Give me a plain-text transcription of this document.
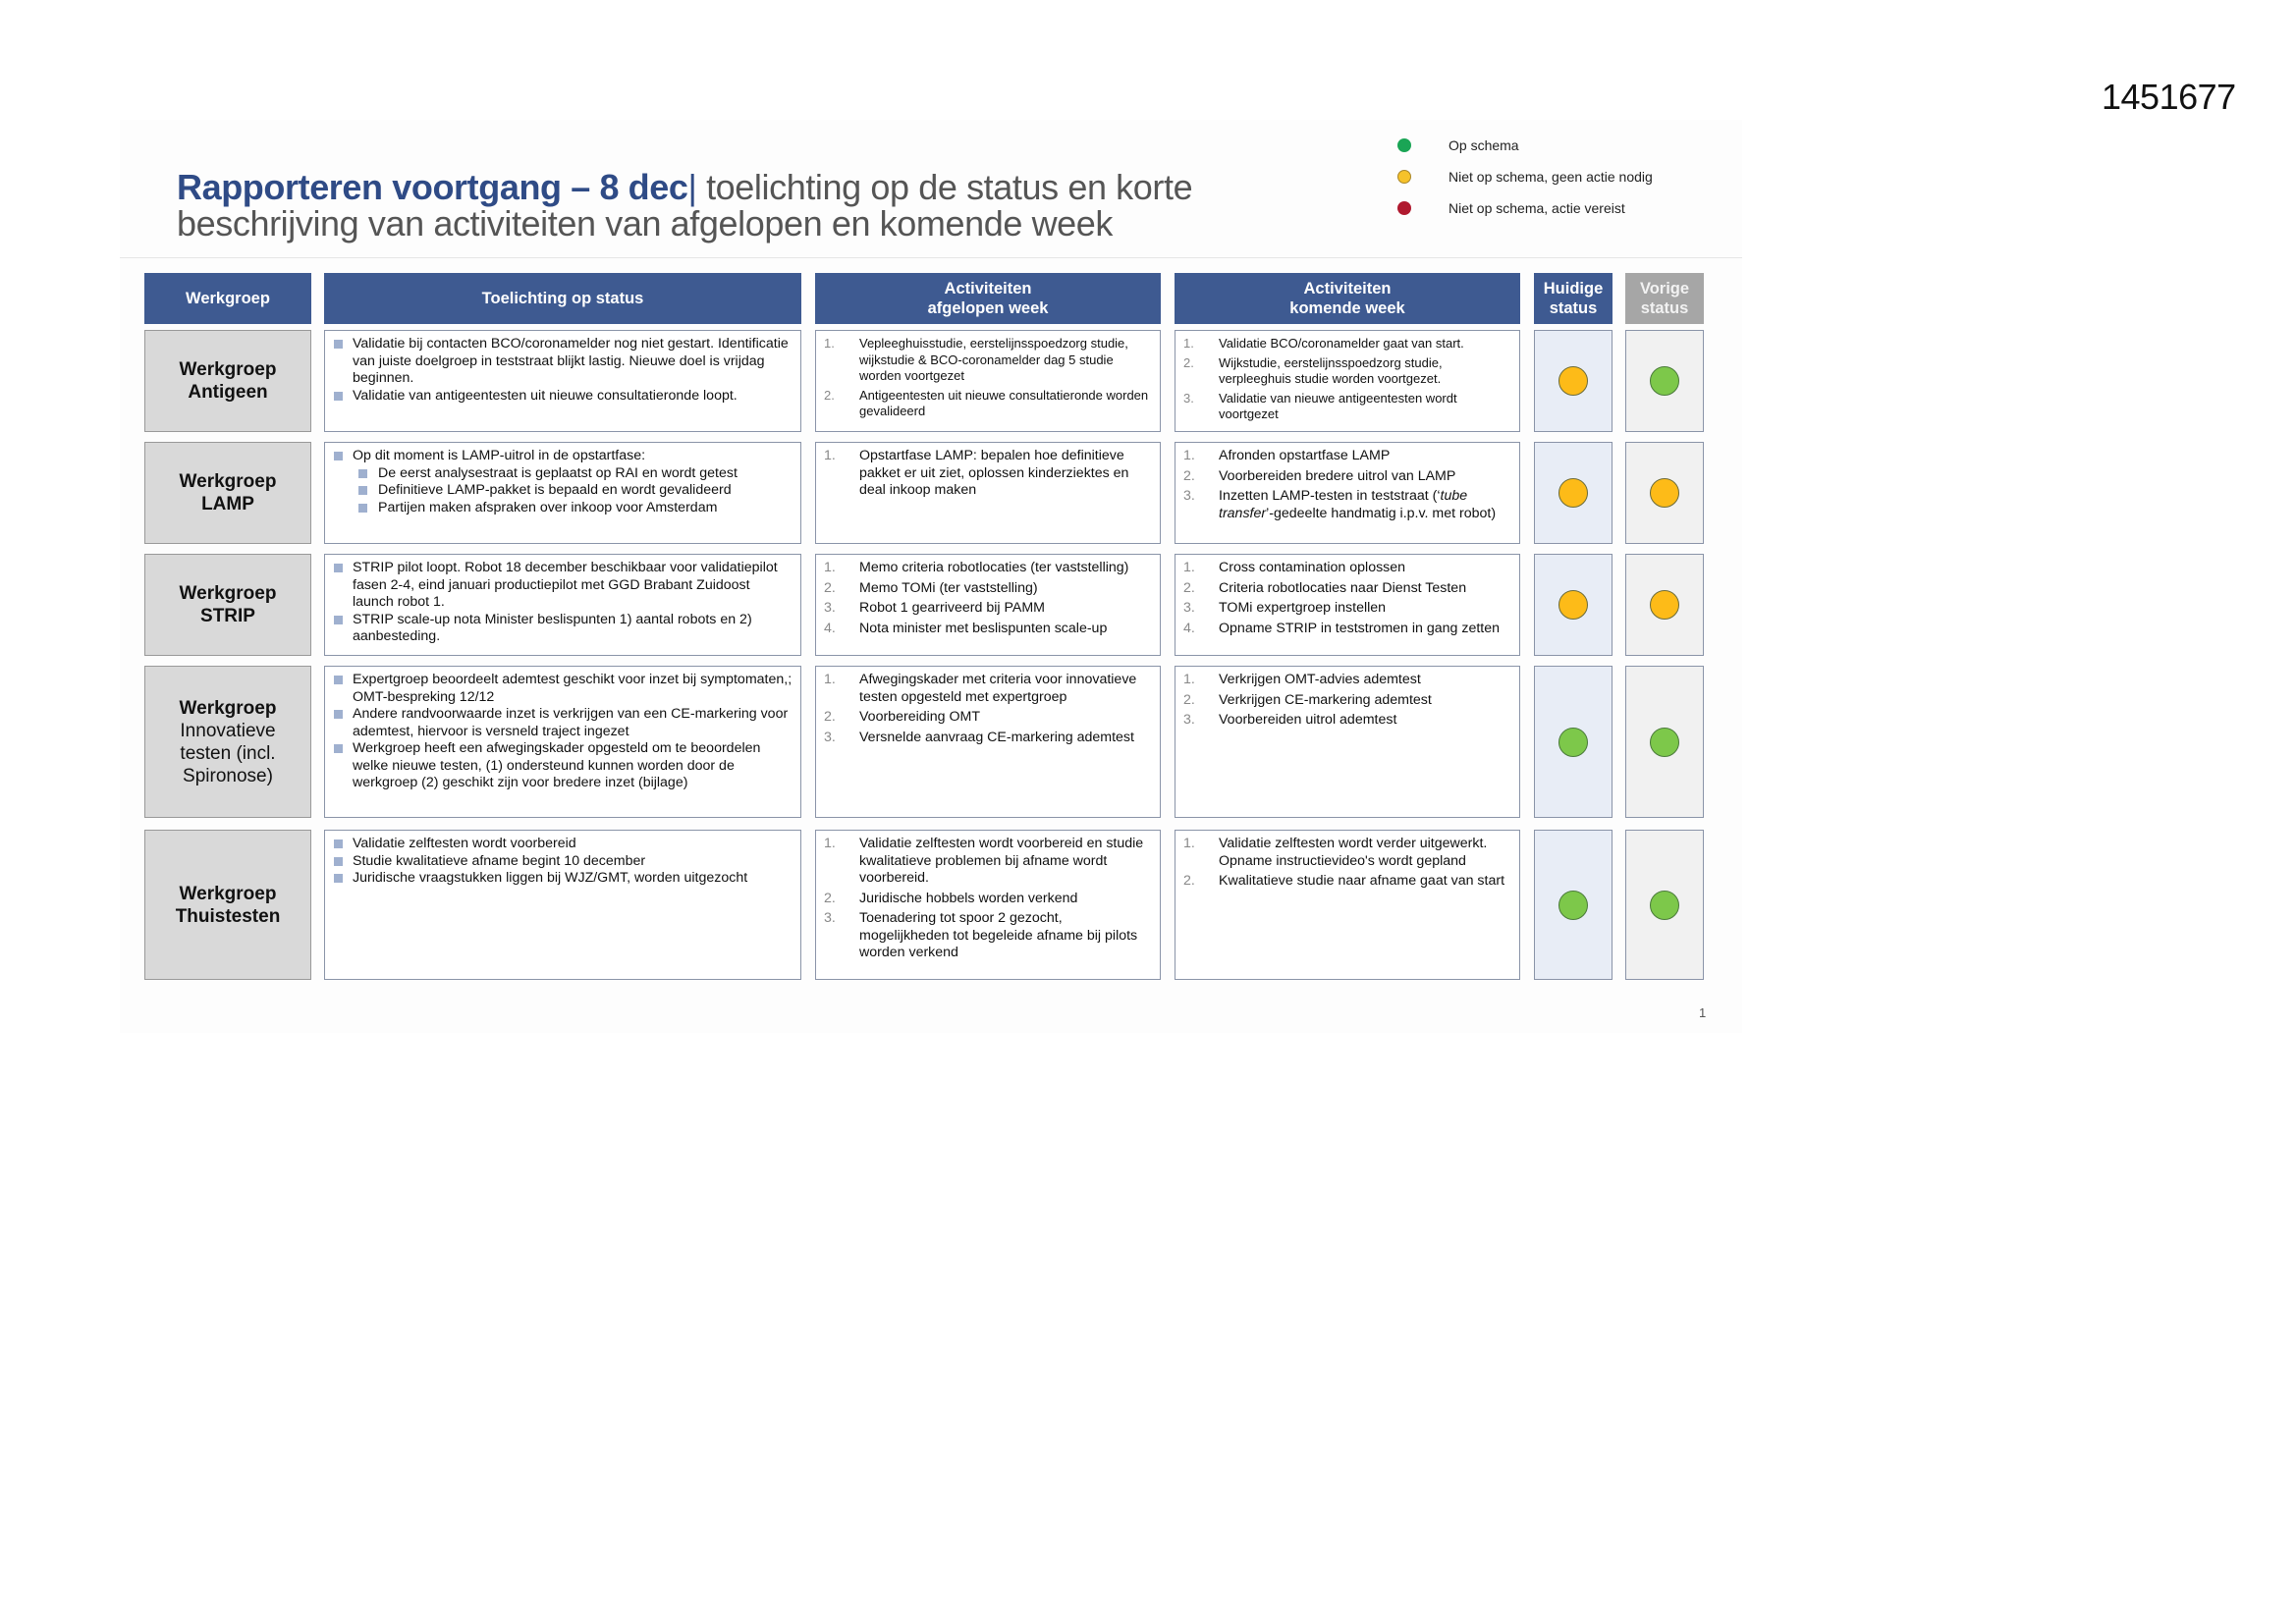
1451677
Rapporteren voortgang – 8 dec| toelichting op de status en korte beschrijving van activiteiten van afgelopen en komende week
Op schema
Niet op schema, geen actie nodig
Niet op schema, actie vereist
Werkgroep	Toelichting op status
Activiteiten
afgelopen week
Activiteiten
komende week
Huidige
status
Vorige
status
Werkgroep
Antigeen
Validatie bij contacten BCO/coronamelder nog niet gestart. Identificatie van juiste doelgroep in teststraat blijkt lastig. Nieuwe doel is vrijdag beginnen.
Validatie van antigeentesten uit nieuwe consultatieronde loopt.
1. Vepleeghuisstudie, eerstelijnsspoedzorg studie, wijkstudie & BCO-coronamelder dag 5 studie worden voortgezet
2. Antigeentesten uit nieuwe consultatieronde worden gevalideerd
1. Validatie BCO/coronamelder gaat van start.
2. Wijkstudie, eerstelijnsspoedzorg studie, verpleeghuis studie worden voortgezet.
3. Validatie van nieuwe antigeentesten wordt voortgezet
Werkgroep
LAMP
Op dit moment is LAMP-uitrol in de opstartfase:
De eerst analysestraat is geplaatst op RAI en wordt getest
Definitieve LAMP-pakket is bepaald en wordt gevalideerd
Partijen maken afspraken over inkoop voor Amsterdam
1. Opstartfase LAMP: bepalen hoe definitieve pakket er uit ziet, oplossen kinderziektes en deal inkoop maken
1. Afronden opstartfase LAMP
2. Voorbereiden bredere uitrol van LAMP
3. Inzetten LAMP-testen in teststraat (‘tube transfer’-gedeelte handmatig i.p.v. met robot)
Werkgroep
STRIP
STRIP pilot loopt. Robot 18 december beschikbaar voor validatiepilot fasen 2-4, eind januari productiepilot met GGD Brabant Zuidoost launch robot 1.
STRIP scale-up nota Minister beslispunten 1) aantal robots en 2) aanbesteding.
1. Memo criteria robotlocaties (ter vaststelling)
2. Memo TOMi (ter vaststelling)
3. Robot 1 gearriveerd bij PAMM
4. Nota minister met beslispunten scale-up
1. Cross contamination oplossen
2. Criteria robotlocaties naar Dienst Testen
3. TOMi expertgroep instellen
4. Opname STRIP in teststromen in gang zetten
Werkgroep
Innovatieve
testen (incl.
Spironose)
Expertgroep beoordeelt ademtest geschikt voor inzet bij symptomaten,; OMT-bespreking 12/12
Andere randvoorwaarde inzet is verkrijgen van een CE-markering voor ademtest, hiervoor is versneld traject ingezet
Werkgroep heeft een afwegingskader opgesteld om te beoordelen welke nieuwe testen, (1) ondersteund kunnen worden door de werkgroep (2) geschikt zijn voor bredere inzet (bijlage)
1. Afwegingskader met criteria voor innovatieve testen opgesteld met expertgroep
2. Voorbereiding OMT
3. Versnelde aanvraag CE-markering ademtest
1. Verkrijgen OMT-advies ademtest
2. Verkrijgen CE-markering ademtest
3. Voorbereiden uitrol ademtest
Werkgroep
Thuistesten
Validatie zelftesten wordt voorbereid
Studie kwalitatieve afname begint 10 december
Juridische vraagstukken liggen bij WJZ/GMT, worden uitgezocht
1. Validatie zelftesten wordt voorbereid en studie kwalitatieve problemen bij afname wordt voorbereid.
2. Juridische hobbels worden verkend
3. Toenadering tot spoor 2 gezocht, mogelijkheden tot begeleide afname bij pilots worden verkend
1. Validatie zelftesten wordt verder uitgewerkt. Opname instructievideo's wordt gepland
2. Kwalitatieve studie naar afname gaat van start
1
